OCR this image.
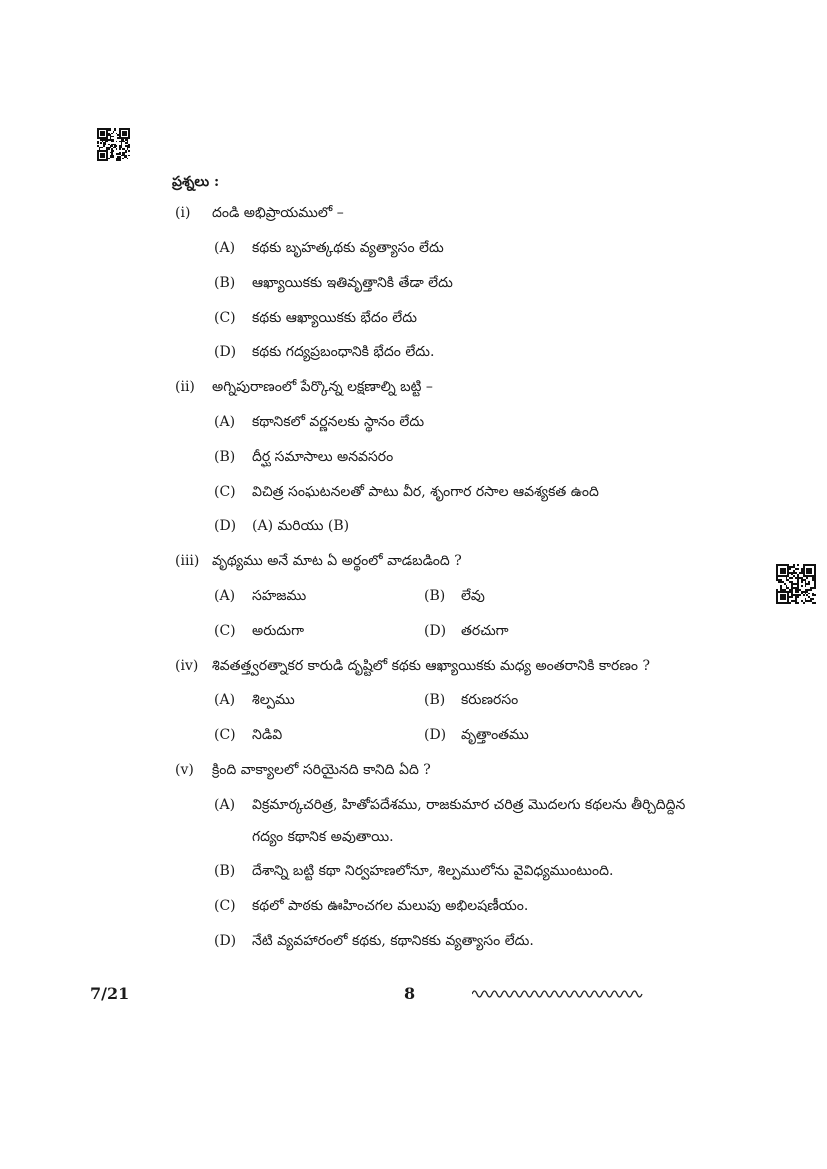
ప్రశ్నలు :
(i) దండి అభిప్రాయములో –
(A) కథకు బృహత్కథకు వ్యత్యాసం లేదు
(B) ఆఖ్యాయికకు ఇతివృత్తానికి తేడా లేదు
(C) కథకు ఆఖ్యాయికకు భేదం లేదు
(D) కథకు గద్యప్రబంధానికి భేదం లేదు.
(ii) అగ్నిపురాణంలో పేర్కొన్న లక్షణాల్ని బట్టి –
(A) కథానికలో వర్ణనలకు స్థానం లేదు
(B) దీర్ఘ సమాసాలు అనవసరం
(C) విచిత్ర సంఘటనలతో పాటు వీర, శృంగార రసాల ఆవశ్యకత ఉంది
(D) (A) మరియు (B)
(iii) వృథ్యము అనే మాట ఏ అర్థంలో వాడబడింది ?
(A) సహజము	(B) లేవు
(C) అరుదుగా	(D) తరచుగా
(iv) శివతత్త్వరత్నాకర కారుడి దృష్టిలో కథకు ఆఖ్యాయికకు మధ్య అంతరానికి కారణం ?
(A) శిల్పము	(B) కరుణరసం
(C) నిడివి	(D) వృత్తాంతము
(v) క్రింది వాక్యాలలో సరియైనది కానిది ఏది ?
(A) విక్రమార్కచరిత్ర, హితోపదేశము, రాజకుమార చరిత్ర మొదలగు కథలను తీర్చిదిద్దిన
గద్యం కథానిక అవుతాయి.
(B) దేశాన్ని బట్టి కథా నిర్వహణలోనూ, శిల్పములోను వైవిధ్యముంటుంది.
(C) కథలో పాఠకు ఊహించగల మలుపు అభిలషణీయం.
(D) నేటి వ్యవహారంలో కథకు, కథానికకు వ్యత్యాసం లేదు.
7/21	8
